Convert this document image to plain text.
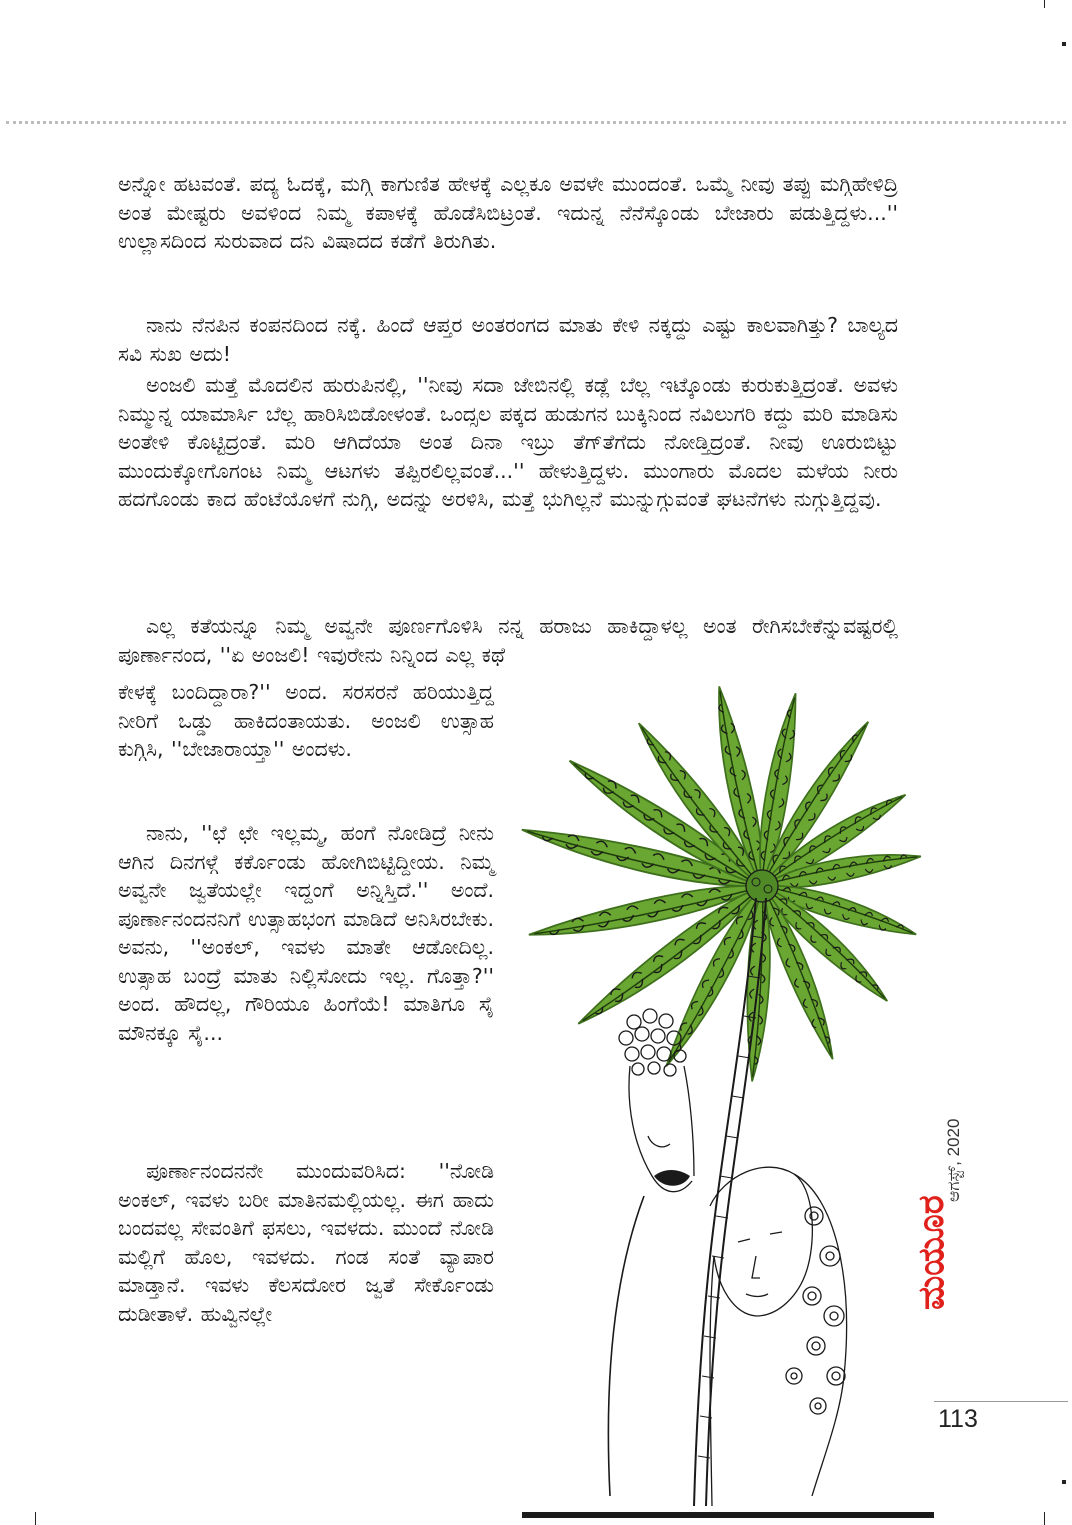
ಅನ್ನೋ ಹಟವಂತೆ. ಪದ್ಯ ಓದಕ್ಕೆ, ಮಗ್ಗಿ ಕಾಗುಣಿತ ಹೇಳಕ್ಕೆ ಎಲ್ಲಕೂ ಅವಳೇ ಮುಂದಂತೆ. ಒಮ್ಮೆ ನೀವು ತಪ್ಪು ಮಗ್ಗಿಹೇಳಿದ್ರಿ ಅಂತ ಮೇಷ್ಟರು ಅವಳಿಂದ ನಿಮ್ಮ ಕಪಾಳಕ್ಕೆ ಹೊಡೆಸಿಬಿಟ್ರಂತೆ. ಇದುನ್ನ ನೆನೆಸ್ಕೊಂಡು ಬೇಜಾರು ಪಡುತ್ತಿದ್ದಳು...'' ಉಲ್ಲಾಸದಿಂದ ಸುರುವಾದ ದನಿ ವಿಷಾದದ ಕಡೆಗೆ ತಿರುಗಿತು.

ನಾನು ನೆನಪಿನ ಕಂಪನದಿಂದ ನಕ್ಕೆ. ಹಿಂದೆ ಆಪ್ತರ ಅಂತರಂಗದ ಮಾತು ಕೇಳಿ ನಕ್ಕದ್ದು ಎಷ್ಟು ಕಾಲವಾಗಿತ್ತು? ಬಾಲ್ಯದ ಸವಿ ಸುಖ ಅದು!

ಅಂಜಲಿ ಮತ್ತೆ ಮೊದಲಿನ ಹುರುಪಿನಲ್ಲಿ, ''ನೀವು ಸದಾ ಜೇಬಿನಲ್ಲಿ ಕಡ್ಲೆ ಬೆಲ್ಲ ಇಟ್ಕೊಂಡು ಕುರುಕುತ್ತಿದ್ರಂತೆ. ಅವಳು ನಿಮ್ಮುನ್ನ ಯಾಮಾರ್ಸಿ ಬೆಲ್ಲ ಹಾರಿಸಿಬಿಡೋಳಂತೆ. ಒಂದ್ಸಲ ಪಕ್ಕದ ಹುಡುಗನ ಬುಕ್ಕಿನಿಂದ ನವಿಲುಗರಿ ಕದ್ದು ಮರಿ ಮಾಡಿಸು ಅಂತೇಳಿ ಕೊಟ್ಟಿದ್ರಂತೆ. ಮರಿ ಆಗಿದೆಯಾ ಅಂತ ದಿನಾ ಇಬ್ರು ತೆಗ್‌ತೆಗೆದು ನೋಡ್ತಿದ್ರಂತೆ. ನೀವು ಊರುಬಿಟ್ಟು ಮುಂದುಕ್ಕೋಗೊಗಂಟ ನಿಮ್ಮ ಆಟಗಳು ತಪ್ಪಿರಲಿಲ್ಲವಂತೆ...'' ಹೇಳುತ್ತಿದ್ದಳು. ಮುಂಗಾರು ಮೊದಲ ಮಳೆಯ ನೀರು ಹದಗೊಂಡು ಕಾದ ಹೆಂಟೆಯೊಳಗೆ ನುಗ್ಗಿ, ಅದನ್ನು ಅರಳಿಸಿ, ಮತ್ತೆ ಭುಗಿಲ್ಲನೆ ಮುನ್ನುಗ್ಗುವಂತೆ ಘಟನೆಗಳು ನುಗ್ಗುತ್ತಿದ್ದವು.

ಎಲ್ಲ ಕತೆಯನ್ನೂ ನಿಮ್ಮ ಅವ್ವನೇ ಪೂರ್ಣಗೊಳಿಸಿ ನನ್ನ ಹರಾಜು ಹಾಕಿದ್ದಾಳಲ್ಲ ಅಂತ ರೇಗಿಸಬೇಕೆನ್ನುವಷ್ಟರಲ್ಲಿ ಪೂರ್ಣಾನಂದ, ''ಏ ಅಂಜಲಿ! ಇವುರೇನು ನಿನ್ನಿಂದ ಎಲ್ಲ ಕಥೆ

ಕೇಳಕ್ಕೆ ಬಂದಿದ್ದಾರಾ?'' ಅಂದ. ಸರಸರನೆ ಹರಿಯುತ್ತಿದ್ದ ನೀರಿಗೆ ಒಡ್ಡು ಹಾಕಿದಂತಾಯತು. ಅಂಜಲಿ ಉತ್ಸಾಹ ಕುಗ್ಗಿಸಿ, ''ಬೇಜಾರಾಯ್ತಾ'' ಅಂದಳು.

ನಾನು, ''ಛೆ ಛೇ ಇಲ್ಲಮ್ಮ, ಹಂಗೆ ನೋಡಿದ್ರೆ ನೀನು ಆಗಿನ ದಿನಗಳ್ಗೆ ಕರ್ಕೊಂಡು ಹೋಗಿಬಿಟ್ಟಿದ್ದೀಯ. ನಿಮ್ಮ ಅವ್ವನೇ ಜ್ವತೆಯಲ್ಲೇ ಇದ್ದಂಗೆ ಅನ್ನಿಸ್ತಿದೆ.'' ಅಂದೆ. ಪೂರ್ಣಾನಂದನನಿಗೆ ಉತ್ಸಾಹಭಂಗ ಮಾಡಿದೆ ಅನಿಸಿರಬೇಕು. ಅವನು, ''ಅಂಕಲ್, ಇವಳು ಮಾತೇ ಆಡೋದಿಲ್ಲ. ಉತ್ಸಾಹ ಬಂದ್ರೆ ಮಾತು ನಿಲ್ಲಿಸೋದು ಇಲ್ಲ. ಗೊತ್ತಾ?'' ಅಂದ. ಹೌದಲ್ಲ, ಗೌರಿಯೂ ಹಿಂಗೆಯೆ! ಮಾತಿಗೂ ಸೈ ಮೌನಕ್ಕೂ ಸೈ...

ಪೂರ್ಣಾನಂದನನೇ ಮುಂದುವರಿಸಿದ: ''ನೋಡಿ ಅಂಕಲ್, ಇವಳು ಬರೀ ಮಾತಿನಮಲ್ಲಿಯಲ್ಲ. ಈಗ ಹಾದು ಬಂದವಲ್ಲ ಸೇವಂತಿಗೆ ಫಸಲು, ಇವಳದು. ಮುಂದೆ ನೋಡಿ ಮಲ್ಲಿಗೆ ಹೊಲ, ಇವಳದು. ಗಂಡ ಸಂತೆ ವ್ಯಾಪಾರ ಮಾಡ್ತಾನೆ. ಇವಳು ಕೆಲಸದೋರ ಜ್ವತೆ ಸೇರ್ಕೊಂಡು ದುಡೀತಾಳೆ. ಹುವ್ವಿನಲ್ಲೇ

ಮಯೂರ
ಆಗಸ್ಟ್, 2020
113
